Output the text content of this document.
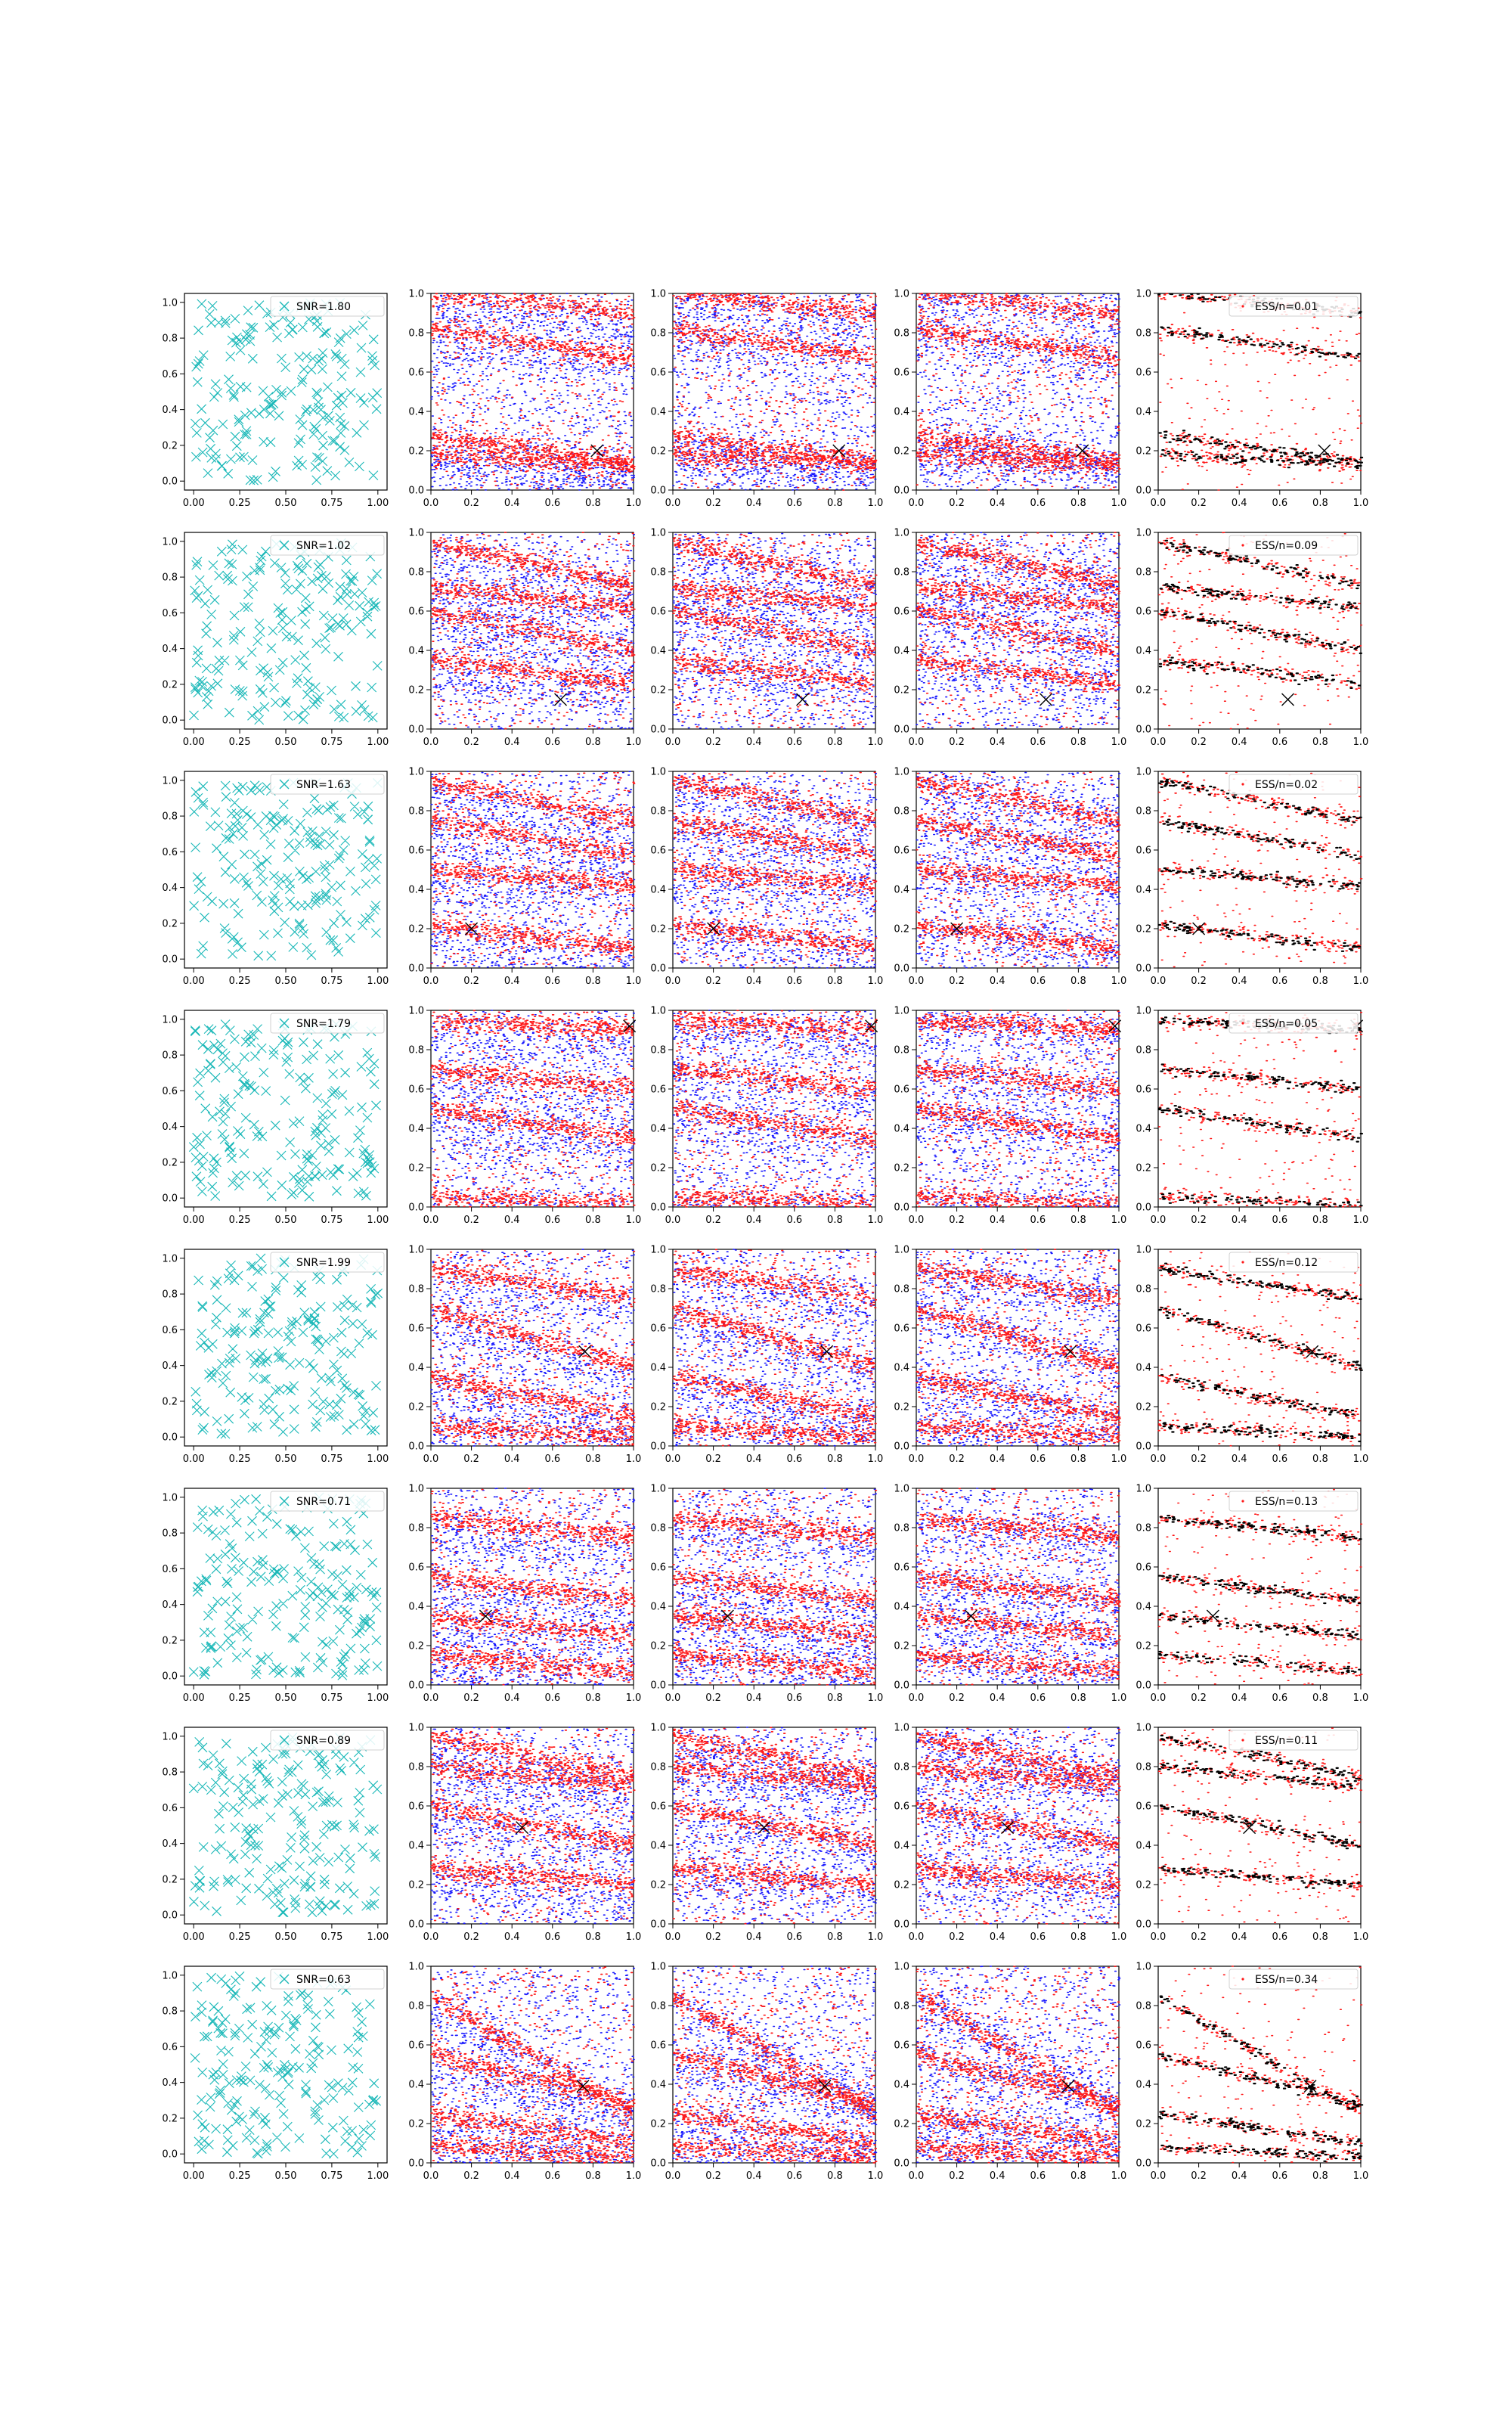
0.00 0.25 0.50 0.75 1.00
0.0
0.2
0.4
0.6
0.8
1.0	SNR=1.80
0.0	0.2	0.4	0.6	0.8	1.0
0.0
0.2
0.4
0.6
0.8
1.0
0.0	0.2	0.4	0.6	0.8	1.0
0.0
0.2
0.4
0.6
0.8
1.0
0.0	0.2	0.4	0.6	0.8	1.0
0.0
0.2
0.4
0.6
0.8
1.0
0.0	0.2	0.4	0.6	0.8	1.0
0.0
0.2
0.4
0.6
0.8
1.0
ESS/n=0.01
0.00 0.25 0.50 0.75 1.00
0.0
0.2
0.4
0.6
0.8
1.0	SNR=1.02
0.0	0.2	0.4	0.6	0.8	1.0
0.0
0.2
0.4
0.6
0.8
1.0
0.0	0.2	0.4	0.6	0.8	1.0
0.0
0.2
0.4
0.6
0.8
1.0
0.0	0.2	0.4	0.6	0.8	1.0
0.0
0.2
0.4
0.6
0.8
1.0
0.0	0.2	0.4	0.6	0.8	1.0
0.0
0.2
0.4
0.6
0.8
1.0
ESS/n=0.09
0.00 0.25 0.50 0.75 1.00
0.0
0.2
0.4
0.6
0.8
1.0	SNR=1.63
0.0	0.2	0.4	0.6	0.8	1.0
0.0
0.2
0.4
0.6
0.8
1.0
0.0	0.2	0.4	0.6	0.8	1.0
0.0
0.2
0.4
0.6
0.8
1.0
0.0	0.2	0.4	0.6	0.8	1.0
0.0
0.2
0.4
0.6
0.8
1.0
0.0	0.2	0.4	0.6	0.8	1.0
0.0
0.2
0.4
0.6
0.8
1.0
ESS/n=0.02
0.00 0.25 0.50 0.75 1.00
0.0
0.2
0.4
0.6
0.8
1.0	SNR=1.79
0.0	0.2	0.4	0.6	0.8	1.0
0.0
0.2
0.4
0.6
0.8
1.0
0.0	0.2	0.4	0.6	0.8	1.0
0.0
0.2
0.4
0.6
0.8
1.0
0.0	0.2	0.4	0.6	0.8	1.0
0.0
0.2
0.4
0.6
0.8
1.0
0.0	0.2	0.4	0.6	0.8	1.0
0.0
0.2
0.4
0.6
0.8
1.0
ESS/n=0.05
0.00 0.25 0.50 0.75 1.00
0.0
0.2
0.4
0.6
0.8
1.0	SNR=1.99
0.0	0.2	0.4	0.6	0.8	1.0
0.0
0.2
0.4
0.6
0.8
1.0
0.0	0.2	0.4	0.6	0.8	1.0
0.0
0.2
0.4
0.6
0.8
1.0
0.0	0.2	0.4	0.6	0.8	1.0
0.0
0.2
0.4
0.6
0.8
1.0
0.0	0.2	0.4	0.6	0.8	1.0
0.0
0.2
0.4
0.6
0.8
1.0
ESS/n=0.12
0.00 0.25 0.50 0.75 1.00
0.0
0.2
0.4
0.6
0.8
1.0	SNR=0.71
0.0	0.2	0.4	0.6	0.8	1.0
0.0
0.2
0.4
0.6
0.8
1.0
0.0	0.2	0.4	0.6	0.8	1.0
0.0
0.2
0.4
0.6
0.8
1.0
0.0	0.2	0.4	0.6	0.8	1.0
0.0
0.2
0.4
0.6
0.8
1.0
0.0	0.2	0.4	0.6	0.8	1.0
0.0
0.2
0.4
0.6
0.8
1.0
ESS/n=0.13
0.00 0.25 0.50 0.75 1.00
0.0
0.2
0.4
0.6
0.8
1.0	SNR=0.89
0.0	0.2	0.4	0.6	0.8	1.0
0.0
0.2
0.4
0.6
0.8
1.0
0.0	0.2	0.4	0.6	0.8	1.0
0.0
0.2
0.4
0.6
0.8
1.0
0.0	0.2	0.4	0.6	0.8	1.0
0.0
0.2
0.4
0.6
0.8
1.0
0.0	0.2	0.4	0.6	0.8	1.0
0.0
0.2
0.4
0.6
0.8
1.0
ESS/n=0.11
0.00 0.25 0.50 0.75 1.00
0.0
0.2
0.4
0.6
0.8
1.0	SNR=0.63
0.0	0.2	0.4	0.6	0.8	1.0
0.0
0.2
0.4
0.6
0.8
1.0
0.0	0.2	0.4	0.6	0.8	1.0
0.0
0.2
0.4
0.6
0.8
1.0
0.0	0.2	0.4	0.6	0.8	1.0
0.0
0.2
0.4
0.6
0.8
1.0
0.0	0.2	0.4	0.6	0.8	1.0
0.0
0.2
0.4
0.6
0.8
1.0
ESS/n=0.34
